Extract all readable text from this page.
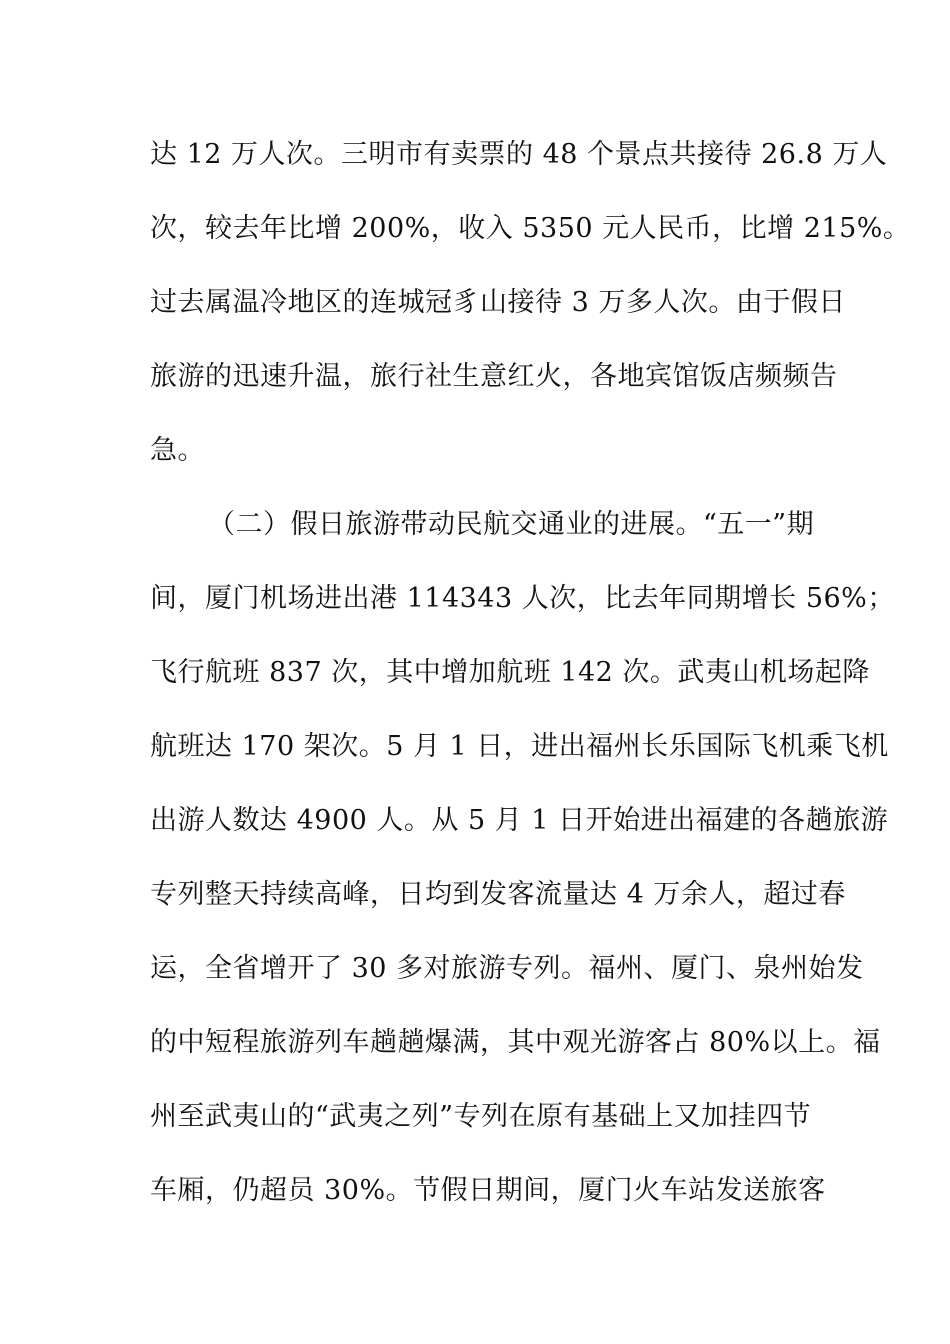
达 12 万人次。三明市有卖票的 48 个景点共接待 26.8 万人
次，较去年比增 200%，收入 5350 元人民币，比增 215%。
过去属温冷地区的连城冠豸山接待 3 万多人次。由于假日
旅游的迅速升温，旅行社生意红火，各地宾馆饭店频频告
急。
（二）假日旅游带动民航交通业的进展。“五一”期
间，厦门机场进出港 114343 人次，比去年同期增长 56%；
飞行航班 837 次，其中增加航班 142 次。武夷山机场起降
航班达 170 架次。5 月 1 日，进出福州长乐国际飞机乘飞机
出游人数达 4900 人。从 5 月 1 日开始进出福建的各趟旅游
专列整天持续高峰，日均到发客流量达 4 万余人，超过春
运，全省增开了 30 多对旅游专列。福州、厦门、泉州始发
的中短程旅游列车趟趟爆满，其中观光游客占 80%以上。福
州至武夷山的“武夷之列”专列在原有基础上又加挂四节
车厢，仍超员 30%。节假日期间，厦门火车站发送旅客
